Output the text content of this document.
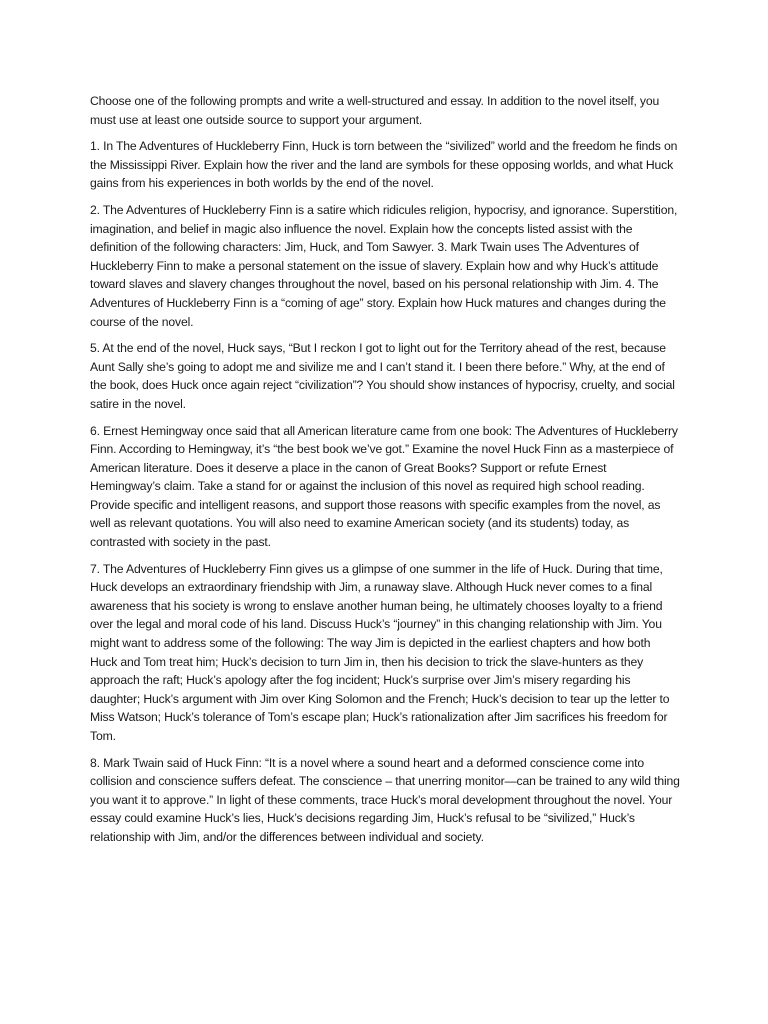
Choose one of the following prompts and write a well-structured and essay. In addition to the novel itself, you must use at least one outside source to support your argument.

1. In The Adventures of Huckleberry Finn, Huck is torn between the “sivilized” world and the freedom he finds on the Mississippi River. Explain how the river and the land are symbols for these opposing worlds, and what Huck gains from his experiences in both worlds by the end of the novel.

2. The Adventures of Huckleberry Finn is a satire which ridicules religion, hypocrisy, and ignorance. Superstition, imagination, and belief in magic also influence the novel. Explain how the concepts listed assist with the definition of the following characters: Jim, Huck, and Tom Sawyer. 3. Mark Twain uses The Adventures of Huckleberry Finn to make a personal statement on the issue of slavery. Explain how and why Huck’s attitude toward slaves and slavery changes throughout the novel, based on his personal relationship with Jim. 4. The Adventures of Huckleberry Finn is a “coming of age” story. Explain how Huck matures and changes during the course of the novel.

5. At the end of the novel, Huck says, “But I reckon I got to light out for the Territory ahead of the rest, because Aunt Sally she’s going to adopt me and sivilize me and I can’t stand it. I been there before.” Why, at the end of the book, does Huck once again reject “civilization”? You should show instances of hypocrisy, cruelty, and social satire in the novel.

6. Ernest Hemingway once said that all American literature came from one book: The Adventures of Huckleberry Finn. According to Hemingway, it’s “the best book we’ve got.” Examine the novel Huck Finn as a masterpiece of American literature. Does it deserve a place in the canon of Great Books? Support or refute Ernest Hemingway’s claim. Take a stand for or against the inclusion of this novel as required high school reading. Provide specific and intelligent reasons, and support those reasons with specific examples from the novel, as well as relevant quotations. You will also need to examine American society (and its students) today, as contrasted with society in the past.

7. The Adventures of Huckleberry Finn gives us a glimpse of one summer in the life of Huck. During that time, Huck develops an extraordinary friendship with Jim, a runaway slave. Although Huck never comes to a final awareness that his society is wrong to enslave another human being, he ultimately chooses loyalty to a friend over the legal and moral code of his land. Discuss Huck’s “journey” in this changing relationship with Jim. You might want to address some of the following: The way Jim is depicted in the earliest chapters and how both Huck and Tom treat him; Huck’s decision to turn Jim in, then his decision to trick the slave-hunters as they approach the raft; Huck’s apology after the fog incident; Huck’s surprise over Jim’s misery regarding his daughter; Huck’s argument with Jim over King Solomon and the French; Huck’s decision to tear up the letter to Miss Watson; Huck’s tolerance of Tom’s escape plan; Huck’s rationalization after Jim sacrifices his freedom for Tom.

8. Mark Twain said of Huck Finn: “It is a novel where a sound heart and a deformed conscience come into collision and conscience suffers defeat. The conscience – that unerring monitor—can be trained to any wild thing you want it to approve.” In light of these comments, trace Huck’s moral development throughout the novel. Your essay could examine Huck’s lies, Huck’s decisions regarding Jim, Huck’s refusal to be “sivilized,” Huck’s relationship with Jim, and/or the differences between individual and society.
